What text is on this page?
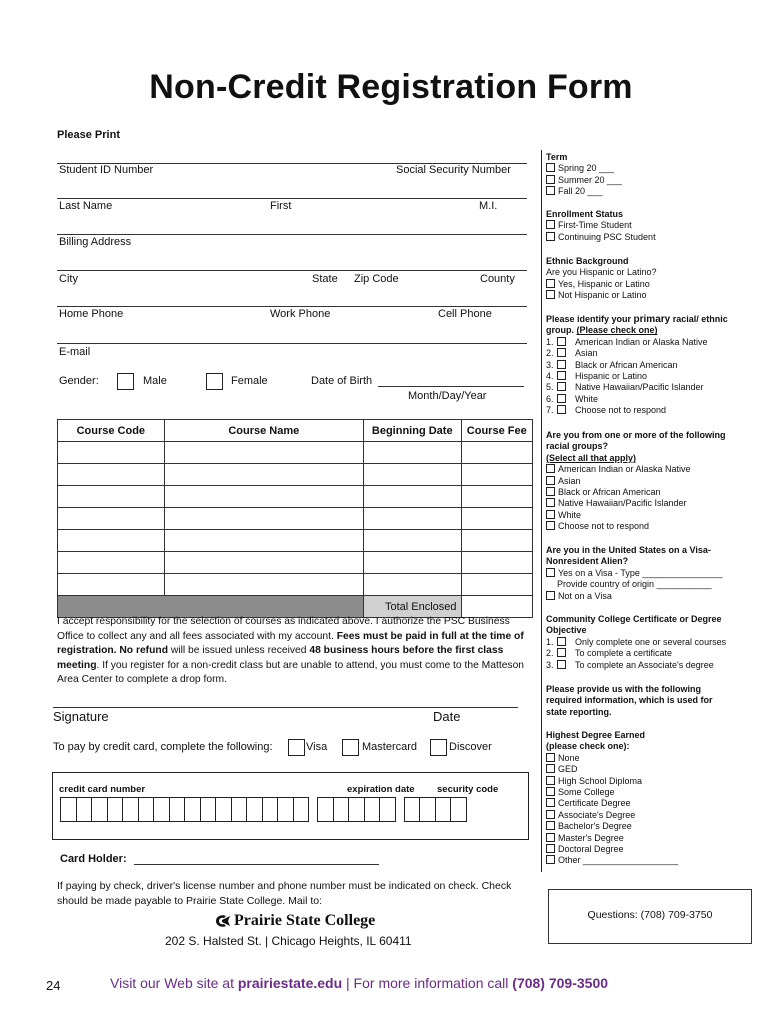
Non-Credit Registration Form
Please Print
Student ID Number	Social Security Number
Last Name	First	M.I.
Billing Address
City	State Zip Code	County
Home Phone	Work Phone	Cell Phone
E-mail
Gender:	Male	Female	Date of Birth
Month/Day/Year
Course Code	Course Name	Beginning Date	Course Fee

		Total Enclosed	
I accept responsibility for the selection of courses as indicated above. I authorize the PSC Business Office to collect any and all fees associated with my account. Fees must be paid in full at the time of registration. No refund will be issued unless received 48 business hours before the first class meeting. If you register for a non-credit class but are unable to attend, you must come to the Matteson Area Center to complete a drop form.
Signature	Date
To pay by credit card, complete the following:	Visa	Mastercard	Discover
credit card number	expiration date security code
Card Holder:
If paying by check, driver's license number and phone number must be indicated on check. Check should be made payable to Prairie State College. Mail to:
Prairie State College
202 S. Halsted St. | Chicago Heights, IL 60411
24	Visit our Web site at prairiestate.edu | For more information call (708) 709-3500
Term
Spring 20 ___
Summer 20 ___
Fall 20 ___
Enrollment Status
First-Time Student
Continuing PSC Student
Ethnic Background
Are you Hispanic or Latino?
Yes, Hispanic or Latino
Not Hispanic or Latino
Please identify your primary racial/ ethnic group. (Please check one)
1. American Indian or Alaska Native
2. Asian
3. Black or African American
4. Hispanic or Latino
5. Native Hawaiian/Pacific Islander
6. White
7. Choose not to respond
Are you from one or more of the following racial groups?
(Select all that apply)
American Indian or Alaska Native
Asian
Black or African American
Native Hawaiian/Pacific Islander
White
Choose not to respond
Are you in the United States on a Visa-Nonresident Alien?
Yes on a Visa - Type ________________
Provide country of origin ___________
Not on a Visa
Community College Certificate or Degree Objective
1. Only complete one or several courses
2. To complete a certificate
3. To complete an Associate's degree
Please provide us with the following required information, which is used for state reporting.
Highest Degree Earned
(please check one):
None
GED
High School Diploma
Some College
Certificate Degree
Associate's Degree
Bachelor's Degree
Master's Degree
Doctoral Degree
Other ___________________
Questions: (708) 709-3750
